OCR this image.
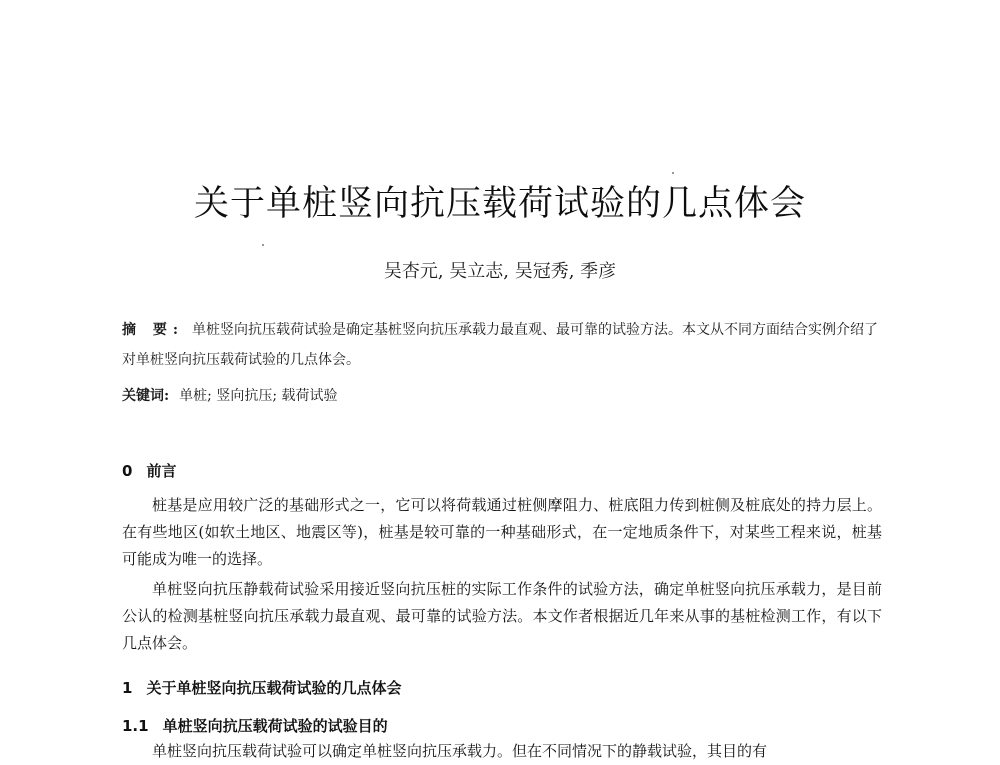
关于单桩竖向抗压载荷试验的几点体会
吴杏元, 吴立志, 吴冠秀, 季彦
摘 要: 单桩竖向抗压载荷试验是确定基桩竖向抗压承载力最直观、最可靠的试验方法。本文从不同方面结合实例介绍了对单桩竖向抗压载荷试验的几点体会。
关键词: 单桩; 竖向抗压; 载荷试验
0 前言

桩基是应用较广泛的基础形式之一，它可以将荷载通过桩侧摩阻力、桩底阻力传到桩侧及桩底处的持力层上。在有些地区(如软土地区、地震区等)，桩基是较可靠的一种基础形式，在一定地质条件下，对某些工程来说，桩基可能成为唯一的选择。

单桩竖向抗压静载荷试验采用接近竖向抗压桩的实际工作条件的试验方法，确定单桩竖向抗压承载力，是目前公认的检测基桩竖向抗压承载力最直观、最可靠的试验方法。本文作者根据近几年来从事的基桩检测工作，有以下几点体会。

1 关于单桩竖向抗压载荷试验的几点体会
1.1 单桩竖向抗压载荷试验的试验目的

单桩竖向抗压载荷试验可以确定单桩竖向抗压承载力。但在不同情况下的静载试验，其目的有
